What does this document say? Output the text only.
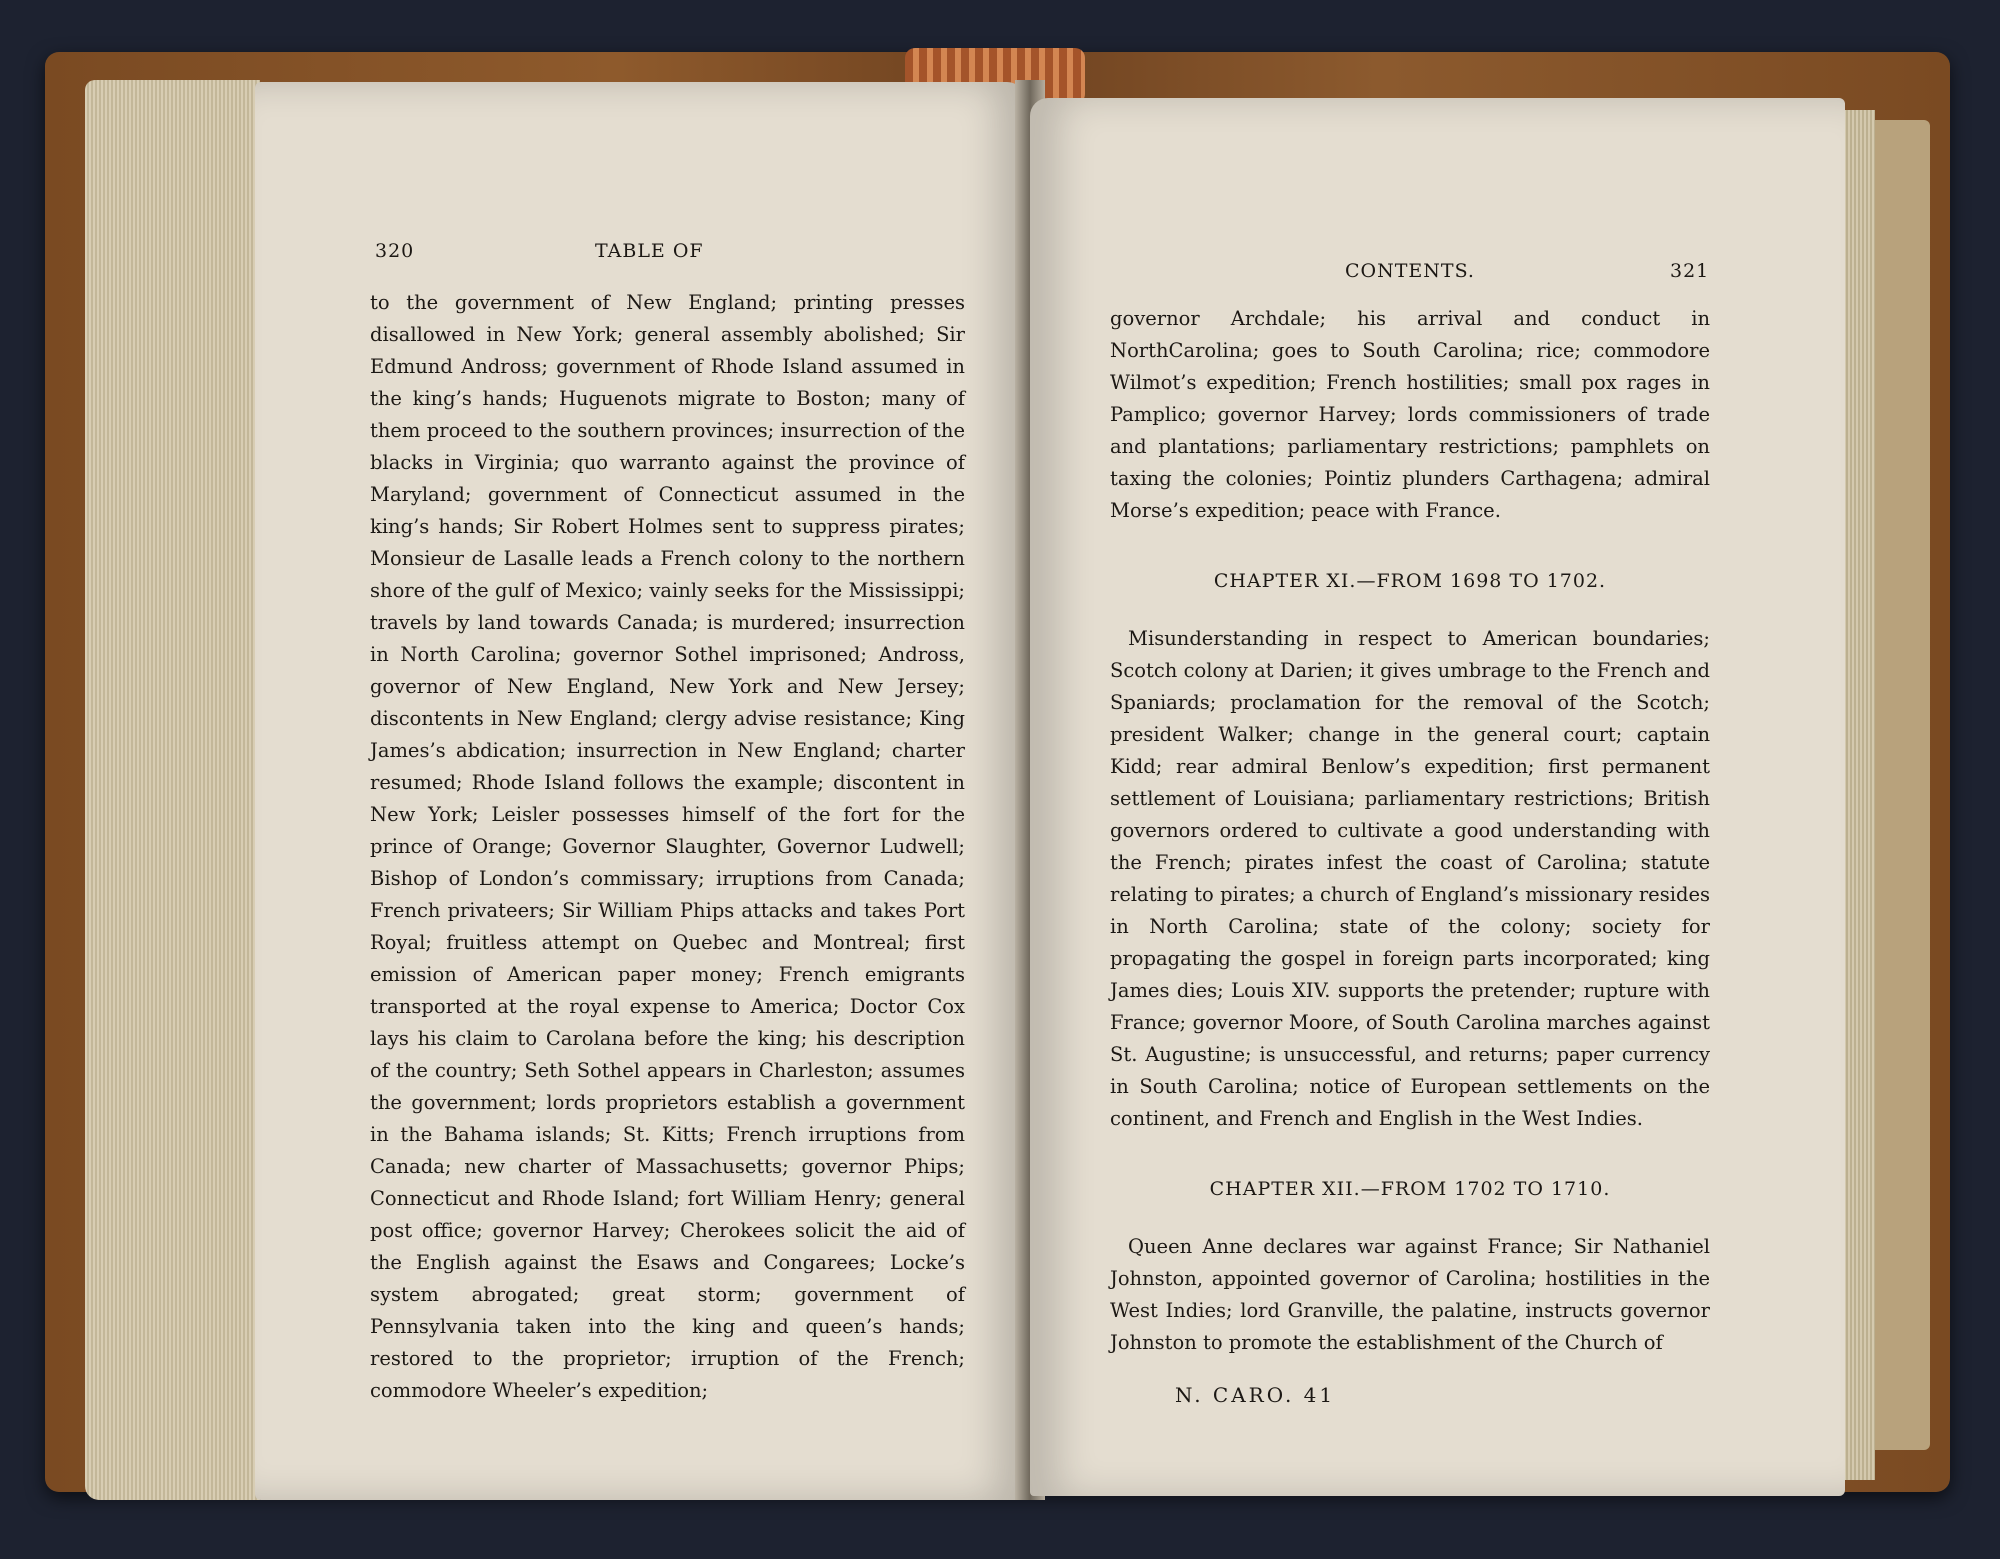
320	TABLE OF

to the government of New England; printing presses disallowed in New York; general assembly abolished; Sir Edmund Andross; government of Rhode Island assumed in the king’s hands; Huguenots migrate to Boston; many of them proceed to the southern provinces; insurrection of the blacks in Virginia; quo warranto against the province of Maryland; government of Connecticut assumed in the king’s hands; Sir Robert Holmes sent to suppress pirates; Monsieur de Lasalle leads a French colony to the northern shore of the gulf of Mexico; vainly seeks for the Mississippi; travels by land towards Canada; is murdered; insurrection in North Carolina; governor Sothel imprisoned; Andross, governor of New England, New York and New Jersey; discontents in New England; clergy advise resistance; King James’s abdication; insurrection in New England; charter resumed; Rhode Island follows the example; discontent in New York; Leisler possesses himself of the fort for the prince of Orange; Governor Slaughter, Governor Ludwell; Bishop of London’s commissary; irruptions from Canada; French privateers; Sir William Phips attacks and takes Port Royal; fruitless attempt on Quebec and Montreal; first emission of American paper money; French emigrants transported at the royal expense to America; Doctor Cox lays his claim to Carolana before the king; his description of the country; Seth Sothel appears in Charleston; assumes the government; lords proprietors establish a government in the Bahama islands; St. Kitts; French irruptions from Canada; new charter of Massachusetts; governor Phips; Connecticut and Rhode Island; fort William Henry; general post office; governor Harvey; Cherokees solicit the aid of the English against the Esaws and Congarees; Locke’s system abrogated; great storm; government of Pennsylvania taken into the king and queen’s hands; restored to the proprietor; irruption of the French; commodore Wheeler’s expedition;

CONTENTS.	321

governor Archdale; his arrival and conduct in NorthCarolina; goes to South Carolina; rice; commodore Wilmot’s expedition; French hostilities; small pox rages in Pamplico; governor Harvey; lords commissioners of trade and plantations; parliamentary restrictions; pamphlets on taxing the colonies; Pointiz plunders Carthagena; admiral Morse’s expedition; peace with France.

CHAPTER XI.—FROM 1698 TO 1702.

Misunderstanding in respect to American boundaries; Scotch colony at Darien; it gives umbrage to the French and Spaniards; proclamation for the removal of the Scotch; president Walker; change in the general court; captain Kidd; rear admiral Benlow’s expedition; first permanent settlement of Louisiana; parliamentary restrictions; British governors ordered to cultivate a good understanding with the French; pirates infest the coast of Carolina; statute relating to pirates; a church of England’s missionary resides in North Carolina; state of the colony; society for propagating the gospel in foreign parts incorporated; king James dies; Louis XIV. supports the pretender; rupture with France; governor Moore, of South Carolina marches against St. Augustine; is unsuccessful, and returns; paper currency in South Carolina; notice of European settlements on the continent, and French and English in the West Indies.

CHAPTER XII.—FROM 1702 TO 1710.

Queen Anne declares war against France; Sir Nathaniel Johnston, appointed governor of Carolina; hostilities in the West Indies; lord Granville, the palatine, instructs governor Johnston to promote the establishment of the Church of

N. CARO. 41
